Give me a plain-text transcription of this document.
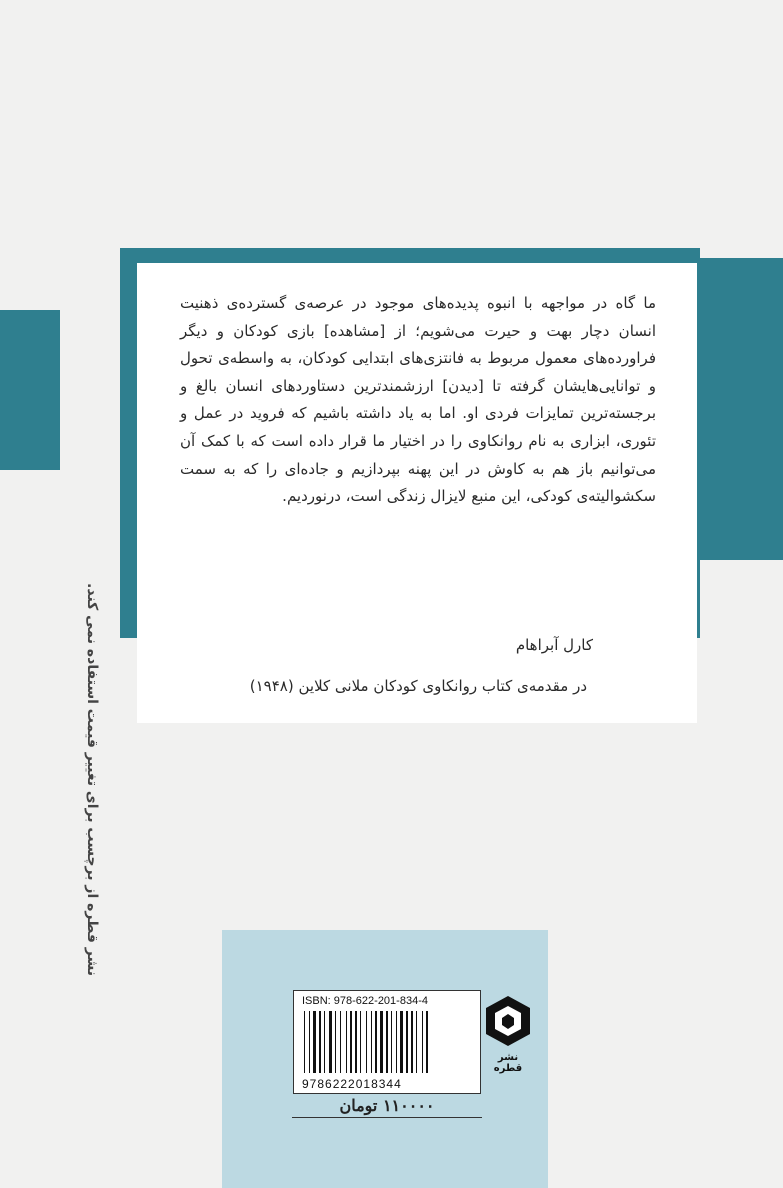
ما گاه در مواجهه با انبوه پدیده‌های موجود در عرصه‌ی گسترده‌ی ذهنیت انسان دچار بهت و حیرت می‌شویم؛ از [مشاهده] بازی کودکان و دیگر فراورده‌های معمول مربوط به فانتزی‌های ابتدایی کودکان، به واسطه‌ی تحول و توانایی‌هایشان گرفته تا [دیدن] ارزشمندترین دستاوردهای انسان بالغ و برجسته‌ترین تمایزات فردی او. اما به یاد داشته باشیم که فروید در عمل و تئوری، ابزاری به نام روانکاوی را در اختیار ما قرار داده است که با کمک آن می‌توانیم باز هم به کاوش در این پهنه بپردازیم و جاده‌ای را که به سمت سکشوالیته‌ی کودکی، این منبع لایزال زندگی است، درنوردیم.

کارل آبراهام
در مقدمه‌ی کتاب روانکاوی کودکان ملانی کلاین (۱۹۴۸)
نشر قطره از برچسب برای تغییر قیمت استفاده نمی کند.
ISBN: 978-622-201-834-4
9786222018344
نشر قطره
۱۱۰۰۰۰ تومان
